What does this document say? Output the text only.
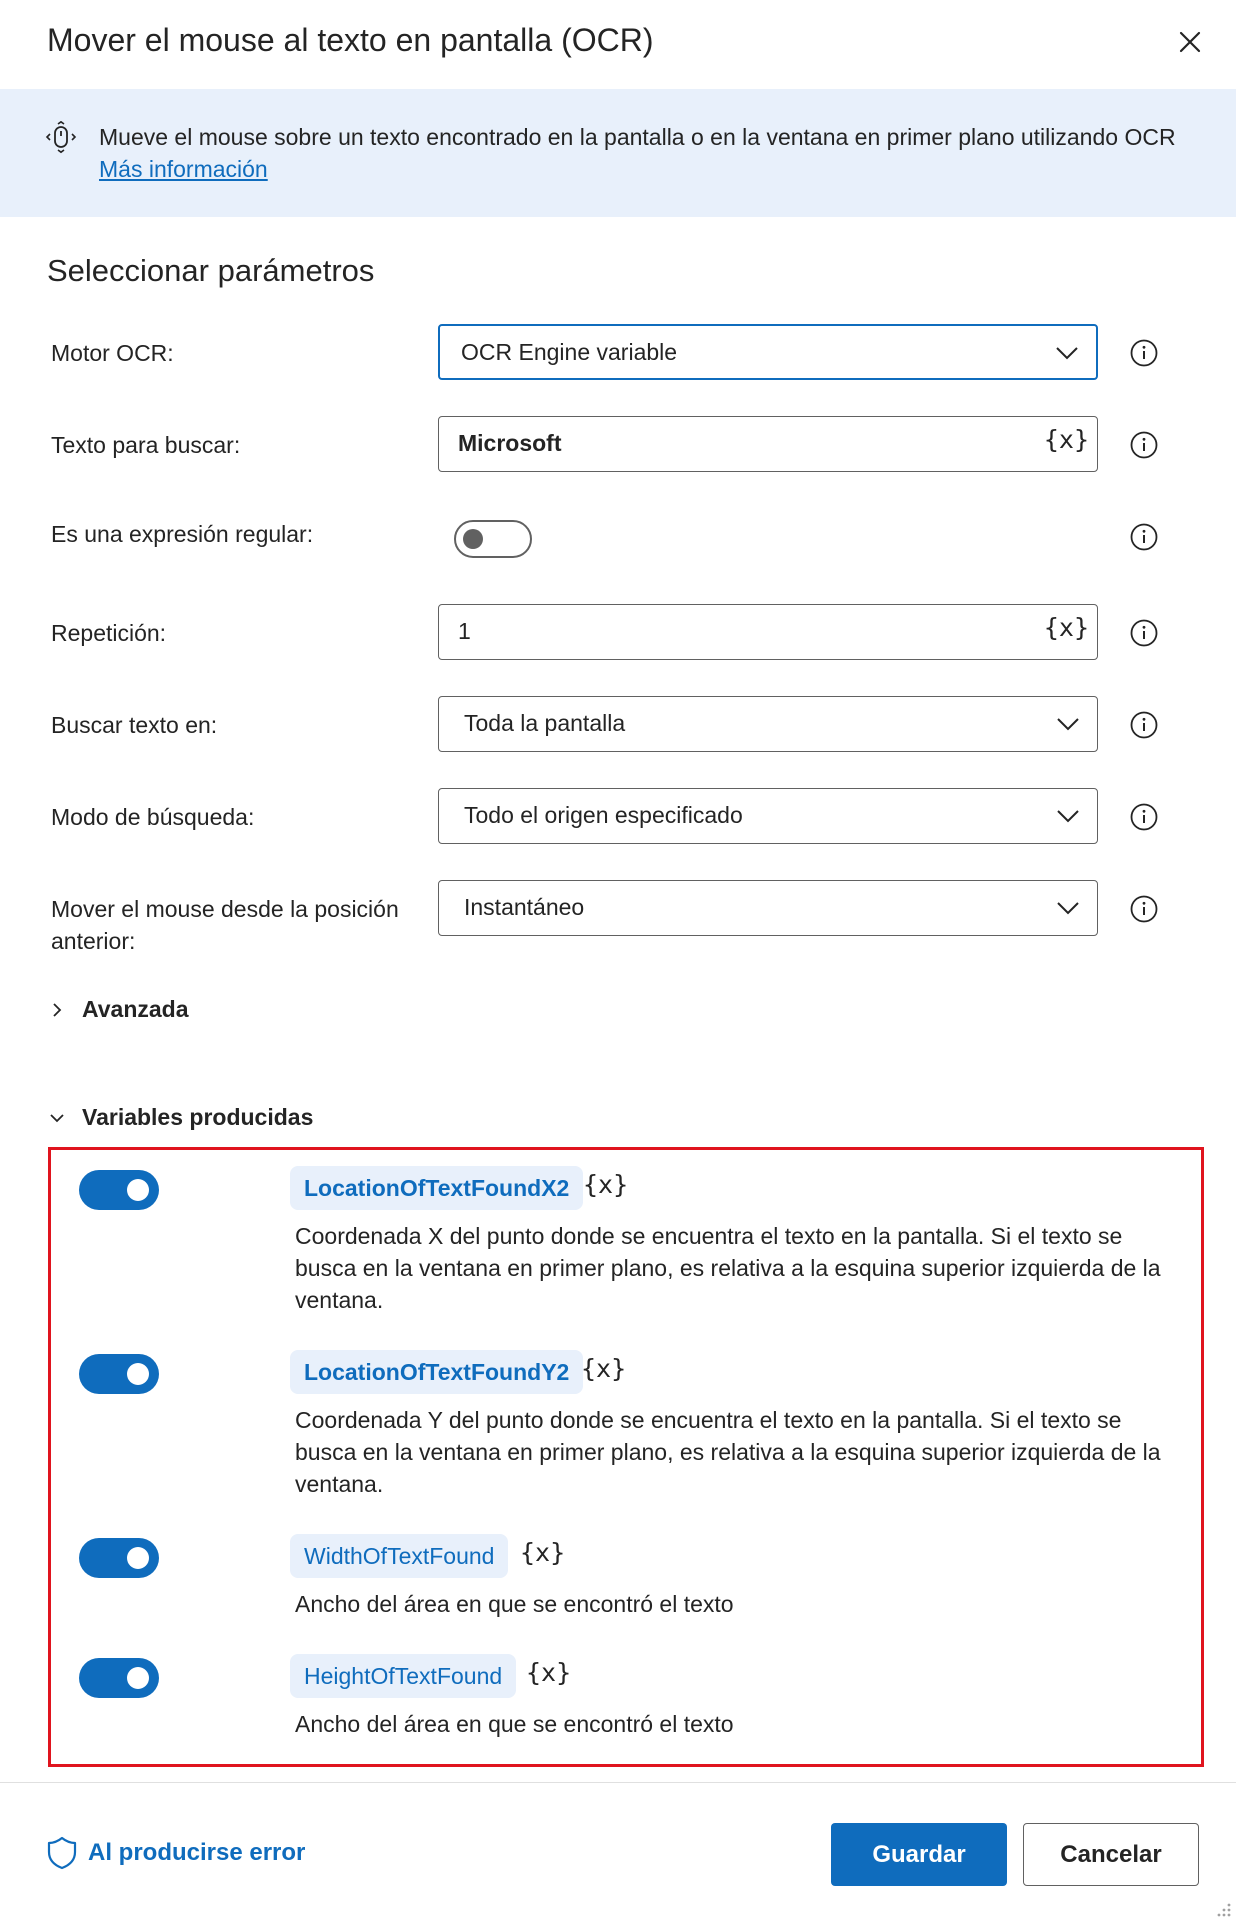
Mover el mouse al texto en pantalla (OCR)
Mueve el mouse sobre un texto encontrado en la pantalla o en la ventana en primer plano utilizando OCR Más información
Seleccionar parámetros
Motor OCR:	OCR Engine variable
Texto para buscar:	Microsoft	{x}
Es una expresión regular:
Repetición:	1	{x}
Buscar texto en:	Toda la pantalla
Modo de búsqueda:	Todo el origen especificado
Mover el mouse desde la posición anterior:
Instantáneo
Avanzada
Variables producidas
LocationOfTextFoundX2 {x}
Coordenada X del punto donde se encuentra el texto en la pantalla. Si el texto se busca en la ventana en primer plano, es relativa a la esquina superior izquierda de la ventana.
LocationOfTextFoundY2 {x}
Coordenada Y del punto donde se encuentra el texto en la pantalla. Si el texto se busca en la ventana en primer plano, es relativa a la esquina superior izquierda de la ventana.
WidthOfTextFound	{x}
Ancho del área en que se encontró el texto
HeightOfTextFound {x}
Ancho del área en que se encontró el texto
Al producirse error	Guardar	Cancelar
